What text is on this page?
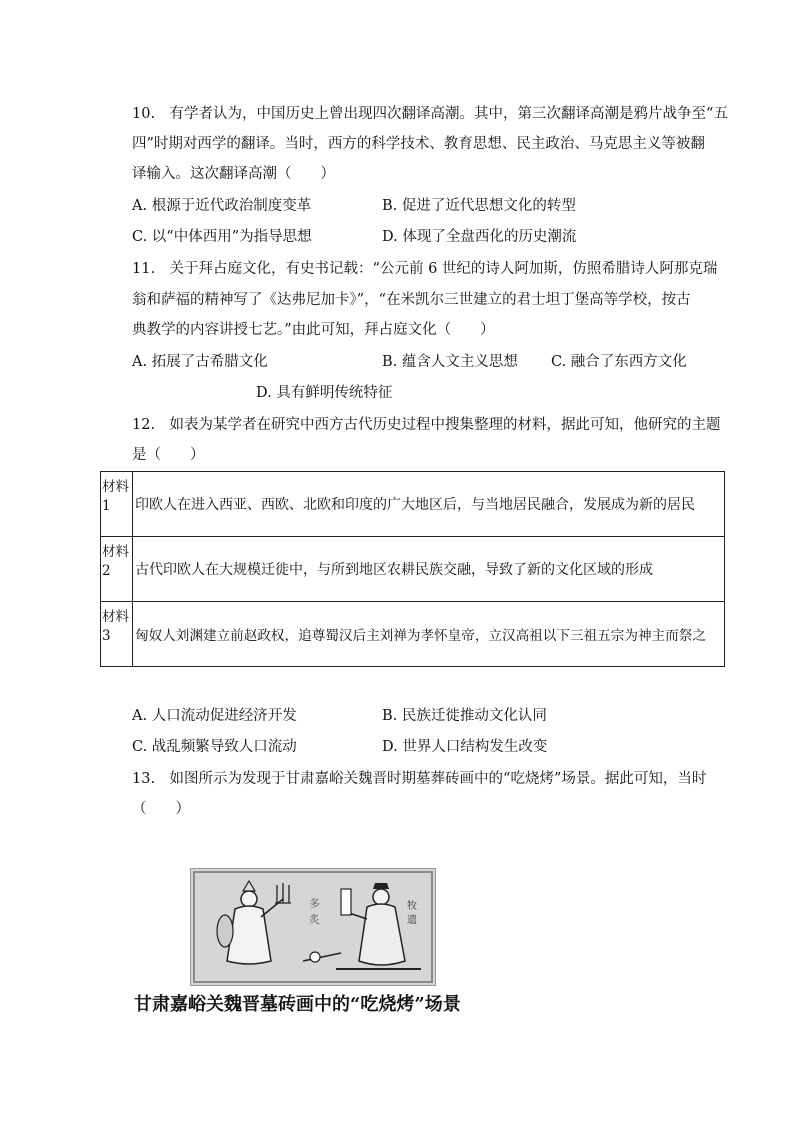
10.　有学者认为，中国历史上曾出现四次翻译高潮。其中，第三次翻译高潮是鸦片战争至“五
四”时期对西学的翻译。当时，西方的科学技术、教育思想、民主政治、马克思主义等被翻
译输入。这次翻译高潮（　　）
A. 根源于近代政治制度变革	B. 促进了近代思想文化的转型
C. 以“中体西用”为指导思想	D. 体现了全盘西化的历史潮流
11.　关于拜占庭文化，有史书记载：“公元前 6 世纪的诗人阿加斯，仿照希腊诗人阿那克瑞
翁和萨福的精神写了《达弗尼加卡》”，“在米凯尔三世建立的君士坦丁堡高等学校，按古
典教学的内容讲授七艺。”由此可知，拜占庭文化（　　）
A. 拓展了古希腊文化	B. 蕴含人文主义思想 C. 融合了东西方文化
D. 具有鲜明传统特征
12.　如表为某学者在研究中西方古代历史过程中搜集整理的材料，据此可知，他研究的主题
是（　　）
材料
1	印欧人在进入西亚、西欧、北欧和印度的广大地区后，与当地居民融合，发展成为新的居民
材料
2	古代印欧人在大规模迁徙中，与所到地区农耕民族交融，导致了新的文化区域的形成
材料
3	匈奴人刘渊建立前赵政权，追尊蜀汉后主刘禅为孝怀皇帝，立汉高祖以下三祖五宗为神主而祭之
A. 人口流动促进经济开发	B. 民族迁徙推动文化认同
C. 战乱频繁导致人口流动	D. 世界人口结构发生改变
13.　如图所示为发现于甘肃嘉峪关魏晋时期墓葬砖画中的“吃烧烤”场景。据此可知，当时
（　　）
多
炙
牧
遗
甘肃嘉峪关魏晋墓砖画中的“吃烧烤”场景
